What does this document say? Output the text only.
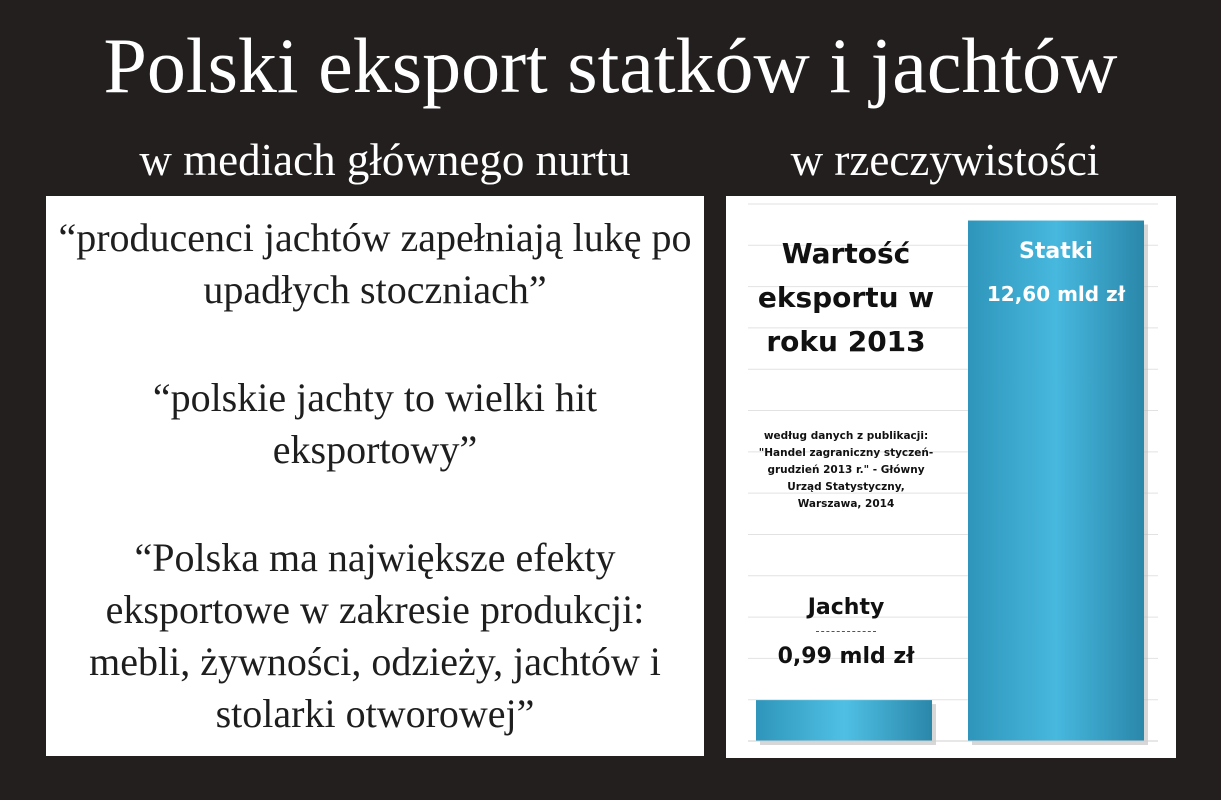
Polski eksport statków i jachtów
w mediach głównego nurtu	w rzeczywistości
“producenci jachtów zapełniają lukę po upadłych stoczniach”
“polskie jachty to wielki hit eksportowy”
“Polska ma największe efekty eksportowe w zakresie produkcji: mebli, żywności, odzieży, jachtów i stolarki otworowej”
Wartość eksportu w roku 2013
według danych z publikacji: "Handel zagraniczny styczeń-grudzień 2013 r." - Główny Urząd Statystyczny, Warszawa, 2014
Jachty
0,99 mld zł
Statki
12,60 mld zł
